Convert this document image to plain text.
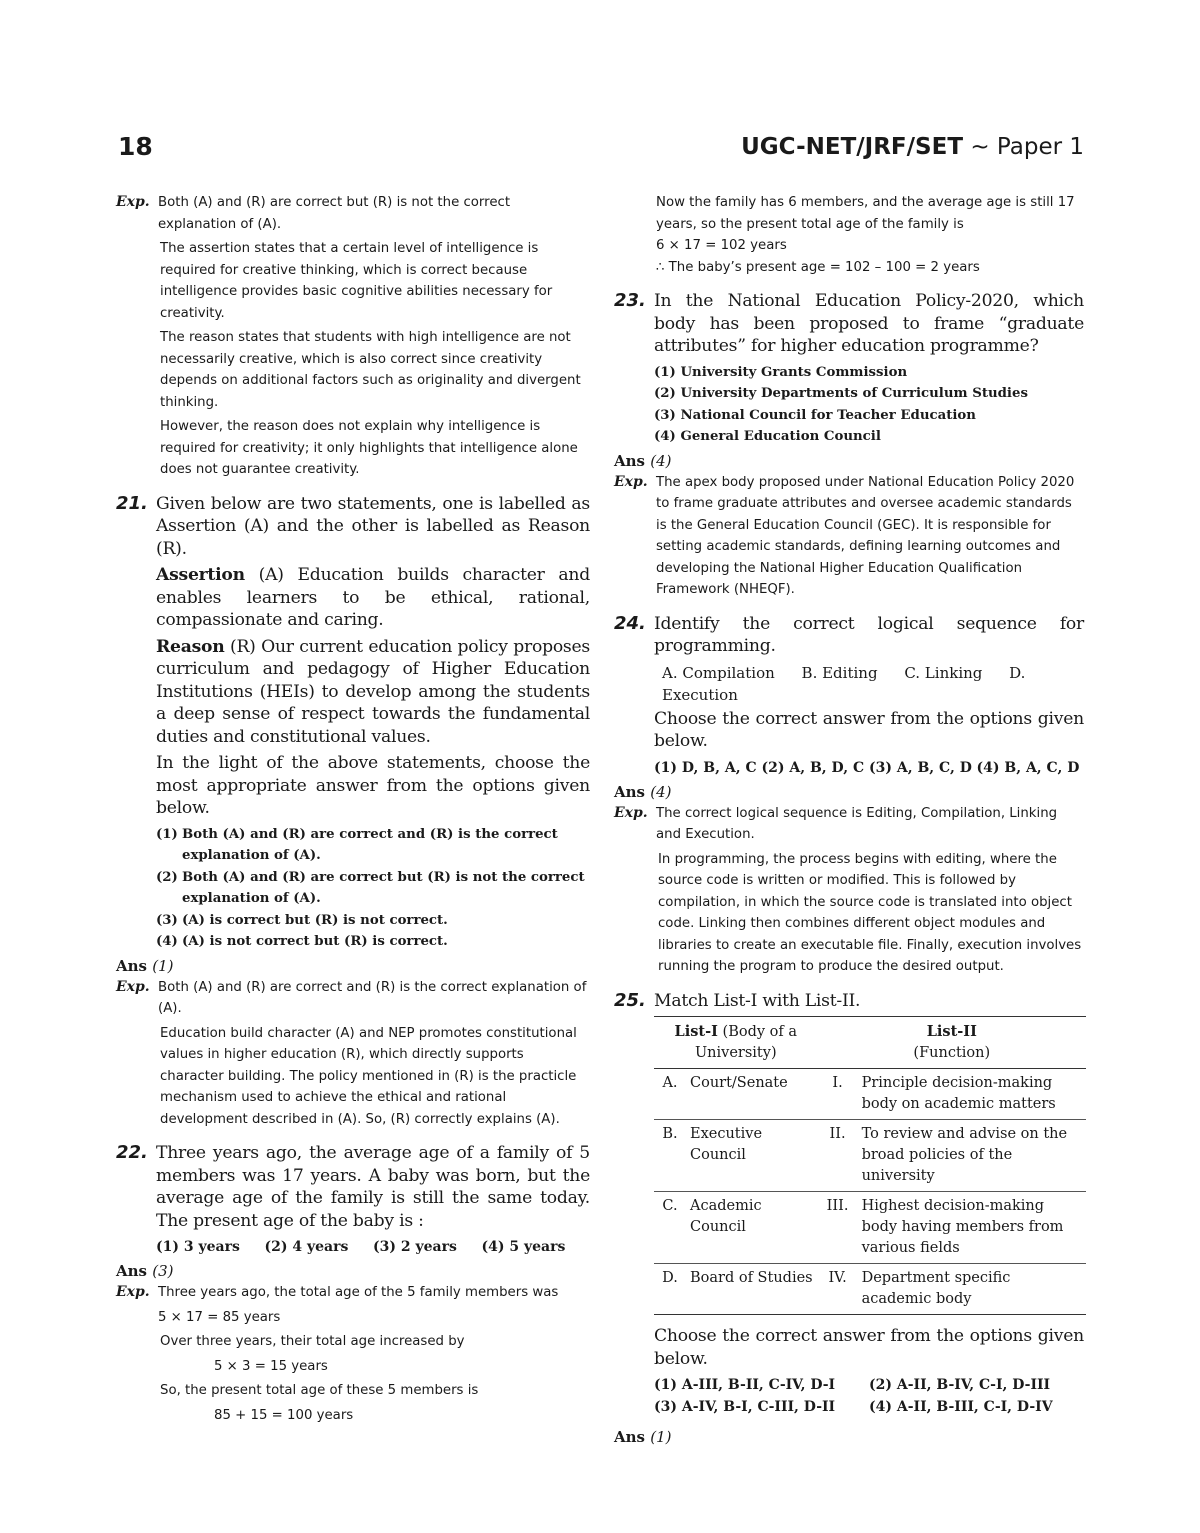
18	UGC-NET/JRF/SET ~ Paper 1
Exp. Both (A) and (R) are correct but (R) is not the correct explanation of (A).

The assertion states that a certain level of intelligence is required for creative thinking, which is correct because intelligence provides basic cognitive abilities necessary for creativity.

The reason states that students with high intelligence are not necessarily creative, which is also correct since creativity depends on additional factors such as originality and divergent thinking.

However, the reason does not explain why intelligence is required for creativity; it only highlights that intelligence alone does not guarantee creativity.

21. Given below are two statements, one is labelled as Assertion (A) and the other is labelled as Reason (R).

Assertion (A) Education builds character and enables learners to be ethical, rational, compassionate and caring.

Reason (R) Our current education policy proposes curriculum and pedagogy of Higher Education Institutions (HEIs) to develop among the students a deep sense of respect towards the fundamental duties and constitutional values.

In the light of the above statements, choose the most appropriate answer from the options given below.

(1) Both (A) and (R) are correct and (R) is the correct explanation of (A).
(2) Both (A) and (R) are correct but (R) is not the correct explanation of (A).
(3) (A) is correct but (R) is not correct.
(4) (A) is not correct but (R) is correct.
Ans (1)
Exp. Both (A) and (R) are correct and (R) is the correct explanation of (A).

Education build character (A) and NEP promotes constitutional values in higher education (R), which directly supports character building. The policy mentioned in (R) is the practicle mechanism used to achieve the ethical and rational development described in (A). So, (R) correctly explains (A).

22. Three years ago, the average age of a family of 5 members was 17 years. A baby was born, but the average age of the family is still the same today. The present age of the baby is :

(1) 3 years	(2) 4 years	(3) 2 years	(4) 5 years
Ans (3)
Exp. Three years ago, the total age of the 5 family members was

5 × 17 = 85 years

Over three years, their total age increased by

5 × 3 = 15 years

So, the present total age of these 5 members is

85 + 15 = 100 years

Now the family has 6 members, and the average age is still 17 years, so the present total age of the family is

6 × 17 = 102 years

∴ The baby’s present age = 102 – 100 = 2 years

23. In the National Education Policy-2020, which body has been proposed to frame “graduate attributes” for higher education programme?

(1) University Grants Commission
(2) University Departments of Curriculum Studies
(3) National Council for Teacher Education
(4) General Education Council
Ans (4)
Exp. The apex body proposed under National Education Policy 2020 to frame graduate attributes and oversee academic standards is the General Education Council (GEC). It is responsible for setting academic standards, defining learning outcomes and developing the National Higher Education Qualification Framework (NHEQF).

24. Identify the correct logical sequence for programming.

A. Compilation B. Editing C. Linking D. Execution

Choose the correct answer from the options given below.

(1) D, B, A, C (2) A, B, D, C (3) A, B, C, D (4) B, A, C, D
Ans (4)
Exp. The correct logical sequence is Editing, Compilation, Linking and Execution.

In programming, the process begins with editing, where the source code is written or modified. This is followed by compilation, in which the source code is translated into object code. Linking then combines different object modules and libraries to create an executable file. Finally, execution involves running the program to produce the desired output.

25. Match List-I with List-II.

List-I (Body of a University)		List-II
(Function)	
A.	Court/Senate	I.	Principle decision-making body on academic matters
B.	Executive Council	II.	To review and advise on the broad policies of the university
C.	Academic Council	III.	Highest decision-making body having members from various fields
D.	Board of Studies	IV.	Department specific academic body

Choose the correct answer from the options given below.

(1) A-III, B-II, C-IV, D-I	(2) A-II, B-IV, C-I, D-III
(3) A-IV, B-I, C-III, D-II	(4) A-II, B-III, C-I, D-IV
Ans (1)
